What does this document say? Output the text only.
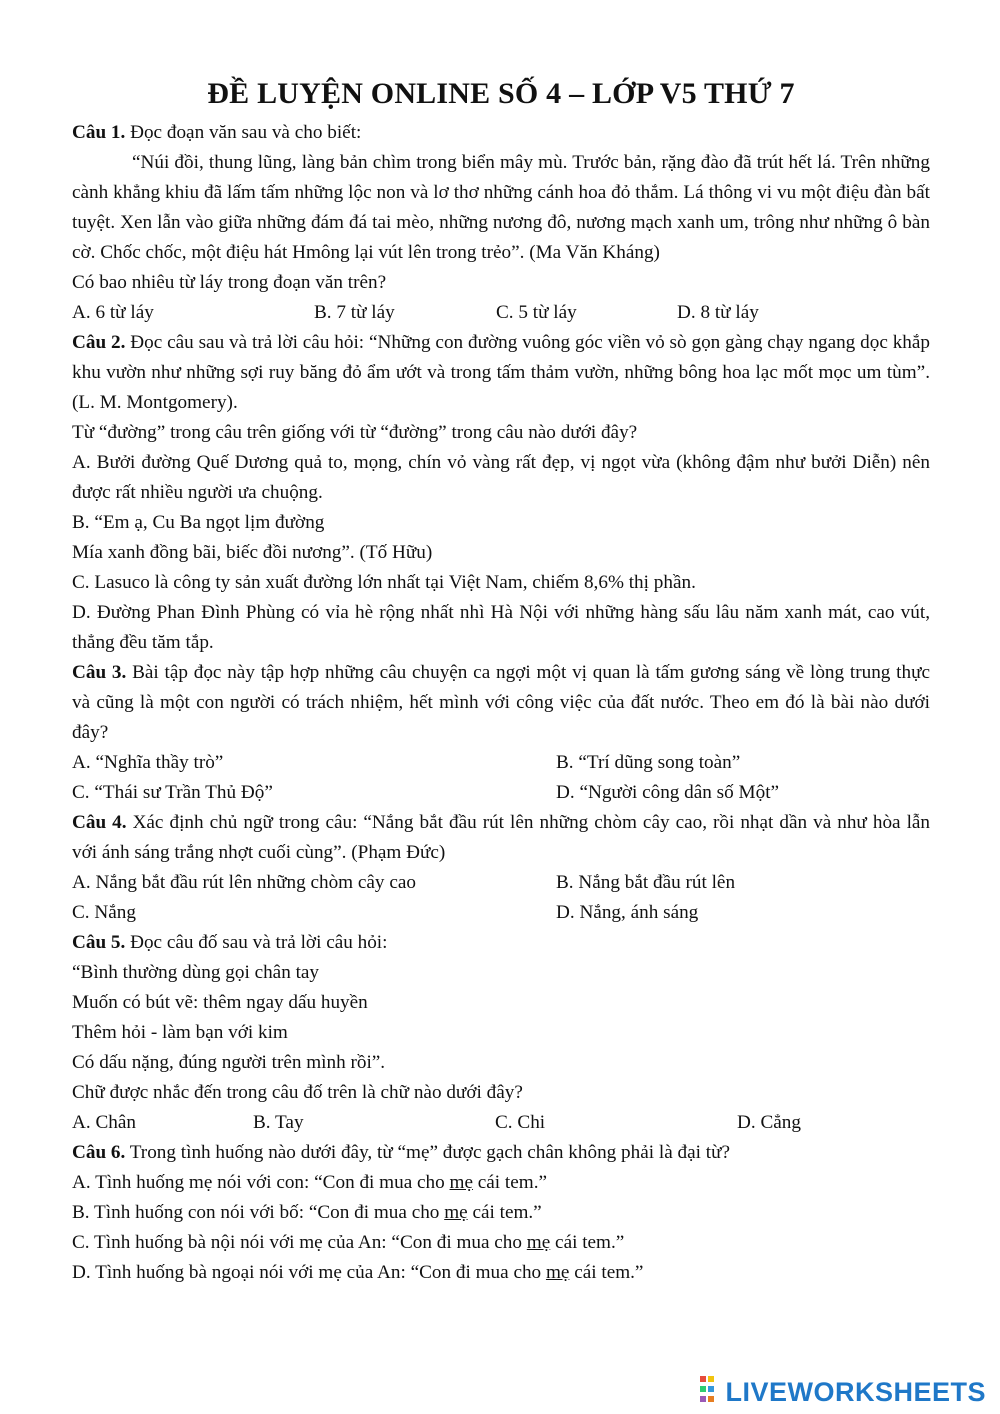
ĐỀ LUYỆN ONLINE SỐ 4 – LỚP V5 THỨ 7

Câu 1. Đọc đoạn văn sau và cho biết:

“Núi đồi, thung lũng, làng bản chìm trong biển mây mù. Trước bản, rặng đào đã trút hết lá. Trên những cành khẳng khiu đã lấm tấm những lộc non và lơ thơ những cánh hoa đỏ thắm. Lá thông vi vu một điệu đàn bất tuyệt. Xen lẫn vào giữa những đám đá tai mèo, những nương đô, nương mạch xanh um, trông như những ô bàn cờ. Chốc chốc, một điệu hát Hmông lại vút lên trong trẻo”. (Ma Văn Kháng)

Có bao nhiêu từ láy trong đoạn văn trên?

A. 6 từ láy	B. 7 từ láy	C. 5 từ láy	D. 8 từ láy

Câu 2. Đọc câu sau và trả lời câu hỏi: “Những con đường vuông góc viền vỏ sò gọn gàng chạy ngang dọc khắp khu vườn như những sợi ruy băng đỏ ẩm ướt và trong tấm thảm vườn, những bông hoa lạc mốt mọc um tùm”. (L. M. Montgomery).

Từ “đường” trong câu trên giống với từ “đường” trong câu nào dưới đây?

A. Bưởi đường Quế Dương quả to, mọng, chín vỏ vàng rất đẹp, vị ngọt vừa (không đậm như bưởi Diễn) nên được rất nhiều người ưa chuộng.

B. “Em ạ, Cu Ba ngọt lịm đường

Mía xanh đồng bãi, biếc đồi nương”. (Tố Hữu)

C. Lasuco là công ty sản xuất đường lớn nhất tại Việt Nam, chiếm 8,6% thị phần.

D. Đường Phan Đình Phùng có vỉa hè rộng nhất nhì Hà Nội với những hàng sấu lâu năm xanh mát, cao vút, thẳng đều tăm tắp.

Câu 3. Bài tập đọc này tập hợp những câu chuyện ca ngợi một vị quan là tấm gương sáng về lòng trung thực và cũng là một con người có trách nhiệm, hết mình với công việc của đất nước. Theo em đó là bài nào dưới đây?

A. “Nghĩa thầy trò”	B. “Trí dũng song toàn”
C. “Thái sư Trần Thủ Độ”	D. “Người công dân số Một”

Câu 4. Xác định chủ ngữ trong câu: “Nắng bắt đầu rút lên những chòm cây cao, rồi nhạt dần và như hòa lẫn với ánh sáng trắng nhợt cuối cùng”. (Phạm Đức)

A. Nắng bắt đầu rút lên những chòm cây cao	B. Nắng bắt đầu rút lên
C. Nắng	D. Nắng, ánh sáng

Câu 5. Đọc câu đố sau và trả lời câu hỏi:

“Bình thường dùng gọi chân tay

Muốn có bút vẽ: thêm ngay dấu huyền

Thêm hỏi - làm bạn với kim

Có dấu nặng, đúng người trên mình rồi”.

Chữ được nhắc đến trong câu đố trên là chữ nào dưới đây?

A. Chân	B. Tay	C. Chi	D. Cẳng

Câu 6. Trong tình huống nào dưới đây, từ “mẹ” được gạch chân không phải là đại từ?

A. Tình huống mẹ nói với con: “Con đi mua cho mẹ cái tem.”

B. Tình huống con nói với bố: “Con đi mua cho mẹ cái tem.”

C. Tình huống bà nội nói với mẹ của An: “Con đi mua cho mẹ cái tem.”

D. Tình huống bà ngoại nói với mẹ của An: “Con đi mua cho mẹ cái tem.”

LIVEWORKSHEETS
